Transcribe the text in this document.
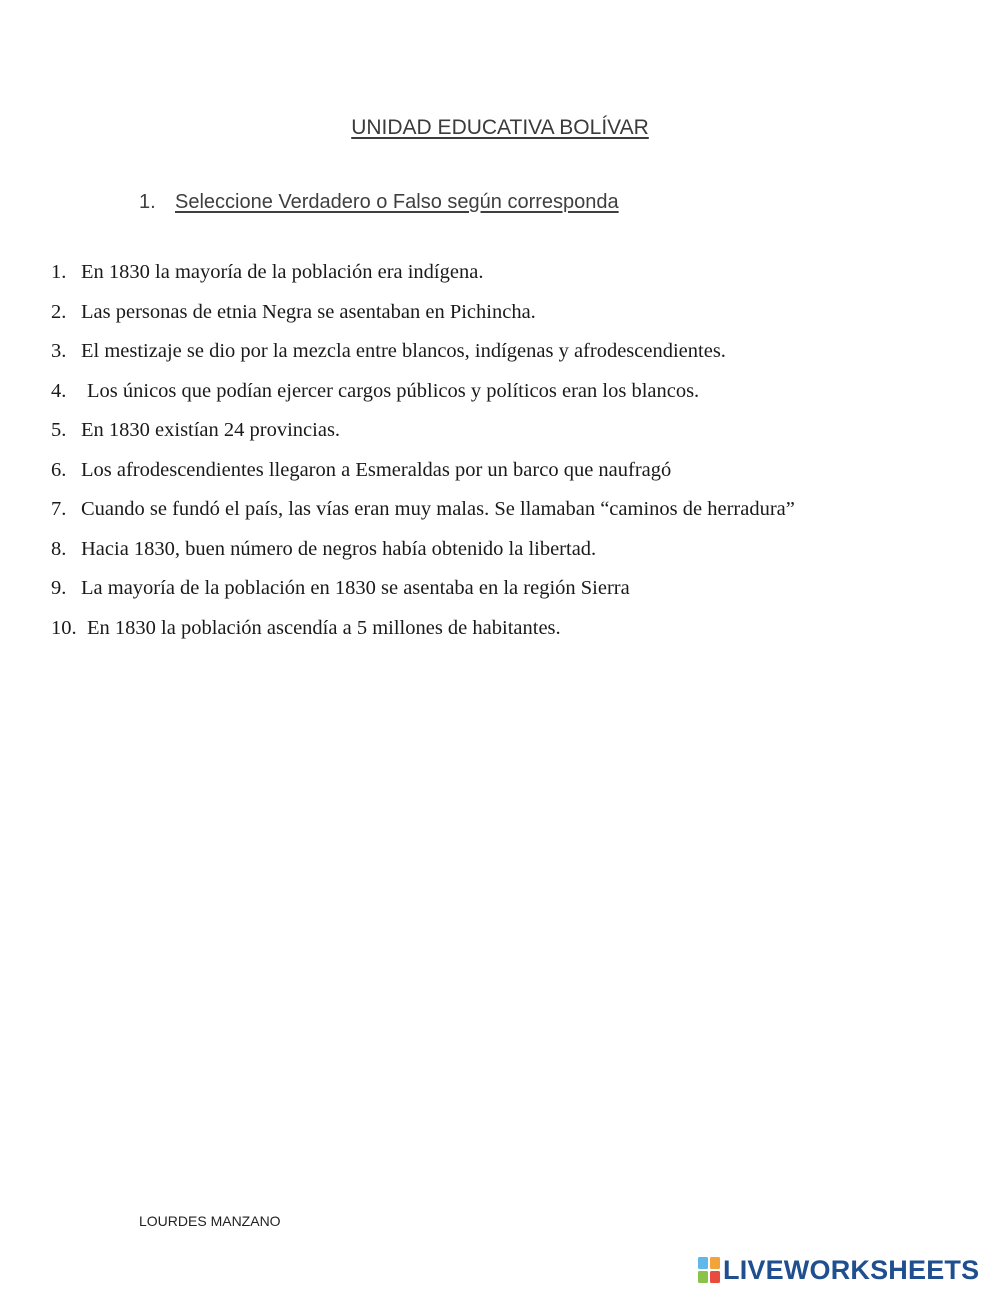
UNIDAD EDUCATIVA BOLÍVAR
1. Seleccione Verdadero o Falso según corresponda
1. En 1830 la mayoría de la población era indígena.
2. Las personas de etnia Negra se asentaban en Pichincha.
3. El mestizaje se dio por la mezcla entre blancos, indígenas y afrodescendientes.
4. Los únicos que podían ejercer cargos públicos y políticos eran los blancos.
5. En 1830 existían 24 provincias.
6. Los afrodescendientes llegaron a Esmeraldas por un barco que naufragó
7. Cuando se fundó el país, las vías eran muy malas. Se llamaban “caminos de herradura”
8. Hacia 1830, buen número de negros había obtenido la libertad.
9. La mayoría de la población en 1830 se asentaba en la región Sierra
10. En 1830 la población ascendía a 5 millones de habitantes.
LOURDES MANZANO
LIVEWORKSHEETS
